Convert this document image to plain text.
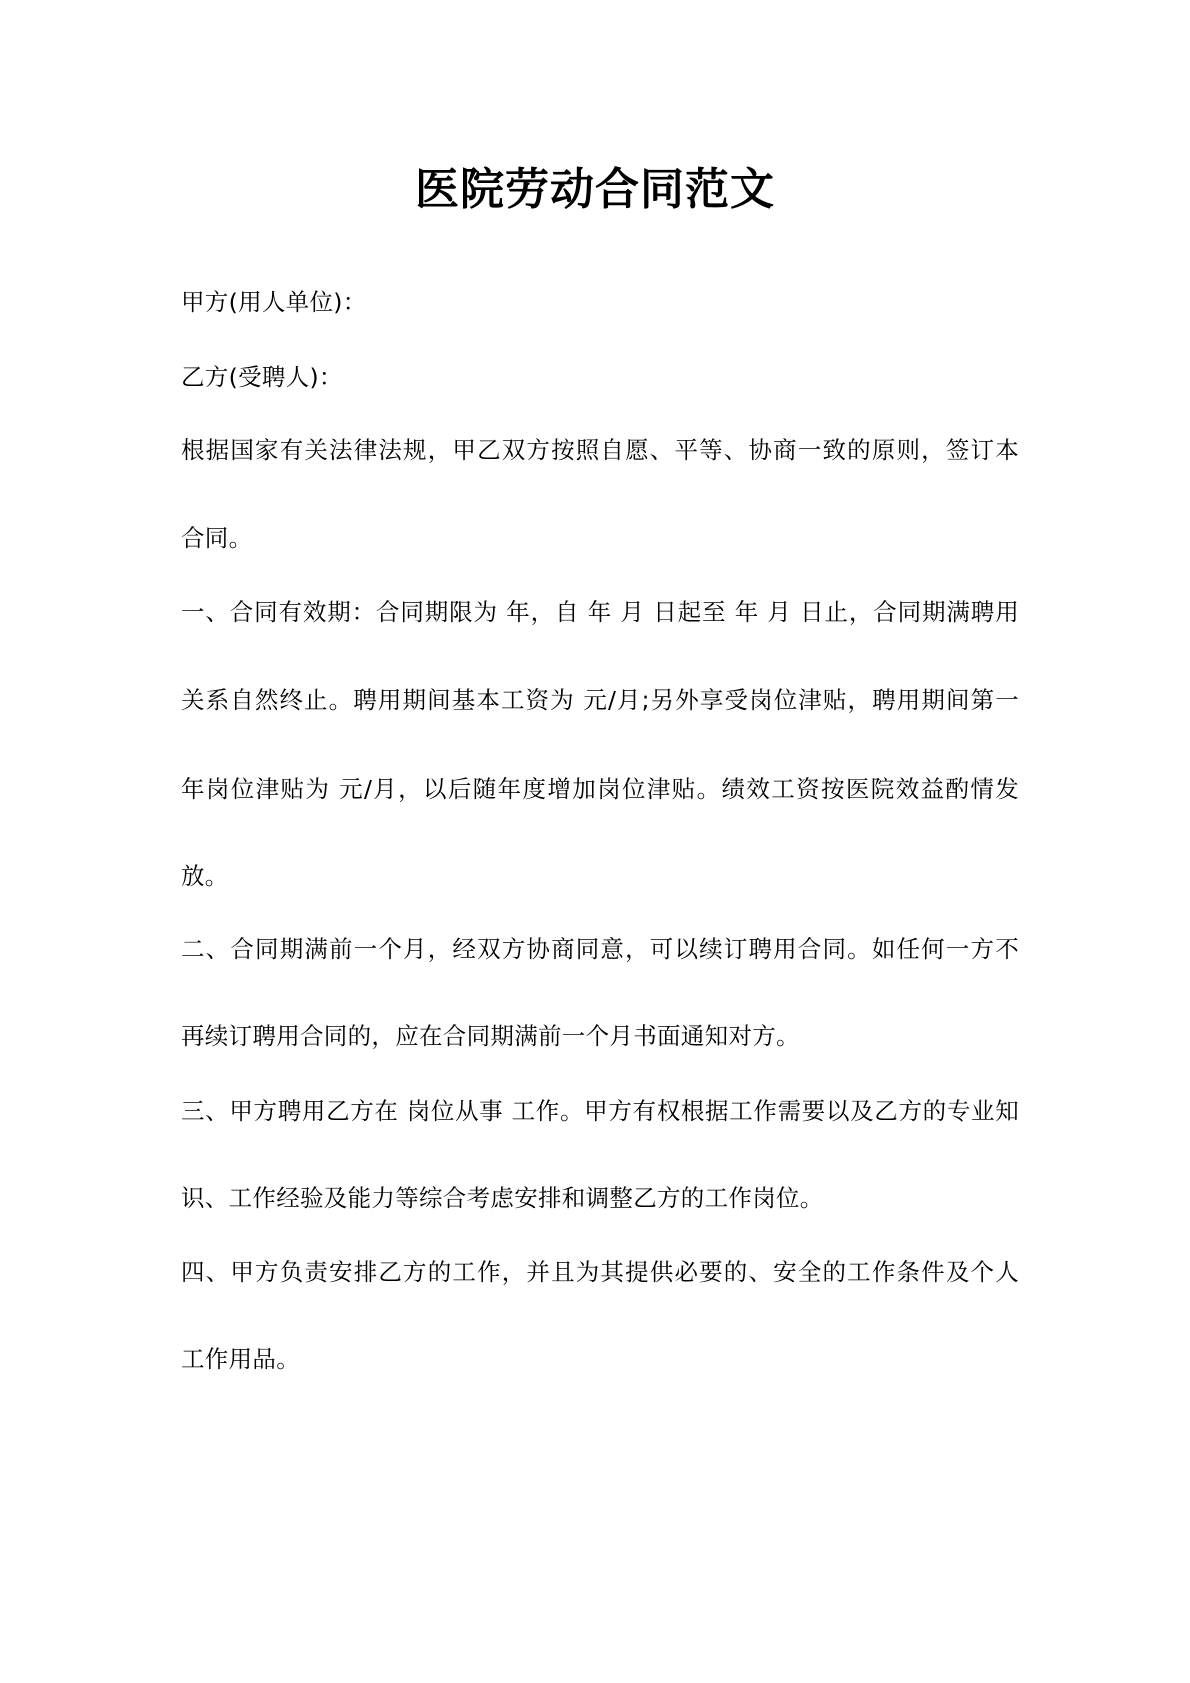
医院劳动合同范文
甲方(用人单位)：
乙方(受聘人)：
根据国家有关法律法规，甲乙双方按照自愿、平等、协商一致的原则，签订本
合同。
一、合同有效期：合同期限为 年，自 年 月 日起至 年 月 日止，合同期满聘用
关系自然终止。聘用期间基本工资为 元/月;另外享受岗位津贴，聘用期间第一
年岗位津贴为 元/月，以后随年度增加岗位津贴。绩效工资按医院效益酌情发
放。
二、合同期满前一个月，经双方协商同意，可以续订聘用合同。如任何一方不
再续订聘用合同的，应在合同期满前一个月书面通知对方。
三、甲方聘用乙方在 岗位从事 工作。甲方有权根据工作需要以及乙方的专业知
识、工作经验及能力等综合考虑安排和调整乙方的工作岗位。
四、甲方负责安排乙方的工作，并且为其提供必要的、安全的工作条件及个人
工作用品。
